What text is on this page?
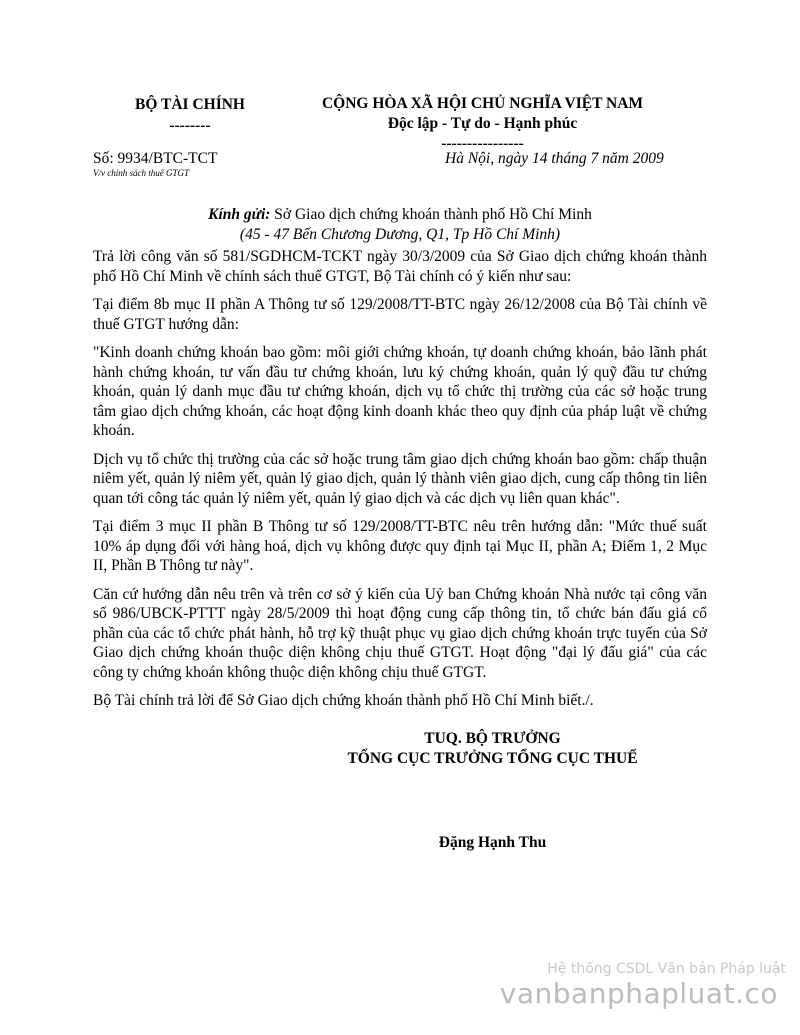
BỘ TÀI CHÍNH
--------
CỘNG HÒA XÃ HỘI CHỦ NGHĨA VIỆT NAM
Độc lập - Tự do - Hạnh phúc
----------------
Số: 9934/BTC-TCT
V/v chính sách thuế GTGT
Hà Nội, ngày 14 tháng 7 năm 2009
Kính gửi: Sở Giao dịch chứng khoán thành phố Hồ Chí Minh
(45 - 47 Bến Chương Dương, Q1, Tp Hồ Chí Minh)

Trả lời công văn số 581/SGDHCM-TCKT ngày 30/3/2009 của Sở Giao dịch chứng khoán thành phố Hồ Chí Minh về chính sách thuế GTGT, Bộ Tài chính có ý kiến như sau:

Tại điểm 8b mục II phần A Thông tư số 129/2008/TT-BTC ngày 26/12/2008 của Bộ Tài chính về thuế GTGT hướng dẫn:

"Kinh doanh chứng khoán bao gồm: môi giới chứng khoán, tự doanh chứng khoán, bảo lãnh phát hành chứng khoán, tư vấn đầu tư chứng khoán, lưu ký chứng khoán, quản lý quỹ đầu tư chứng khoán, quản lý danh mục đầu tư chứng khoán, dịch vụ tổ chức thị trường của các sở hoặc trung tâm giao dịch chứng khoán, các hoạt động kinh doanh khác theo quy định của pháp luật về chứng khoán.

Dịch vụ tổ chức thị trường của các sở hoặc trung tâm giao dịch chứng khoán bao gồm: chấp thuận niêm yết, quản lý niêm yết, quản lý giao dịch, quản lý thành viên giao dịch, cung cấp thông tin liên quan tới công tác quản lý niêm yết, quản lý giao dịch và các dịch vụ liên quan khác".

Tại điểm 3 mục II phần B Thông tư số 129/2008/TT-BTC nêu trên hướng dẫn: "Mức thuế suất 10% áp dụng đối với hàng hoá, dịch vụ không được quy định tại Mục II, phần A; Điểm 1, 2 Mục II, Phần B Thông tư này".

Căn cứ hướng dẫn nêu trên và trên cơ sở ý kiến của Uỷ ban Chứng khoán Nhà nước tại công văn số 986/UBCK-PTTT ngày 28/5/2009 thì hoạt động cung cấp thông tin, tổ chức bán đấu giá cổ phần của các tổ chức phát hành, hỗ trợ kỹ thuật phục vụ giao dịch chứng khoán trực tuyến của Sở Giao dịch chứng khoán thuộc diện không chịu thuế GTGT. Hoạt động "đại lý đấu giá" của các công ty chứng khoán không thuộc diện không chịu thuế GTGT.

Bộ Tài chính trả lời để Sở Giao dịch chứng khoán thành phố Hồ Chí Minh biết./.

TUQ. BỘ TRƯỞNG
TỔNG CỤC TRƯỞNG TỔNG CỤC THUẾ
Đặng Hạnh Thu
Hệ thống CSDL Văn bản Pháp luật
vanbanphapluat.co
